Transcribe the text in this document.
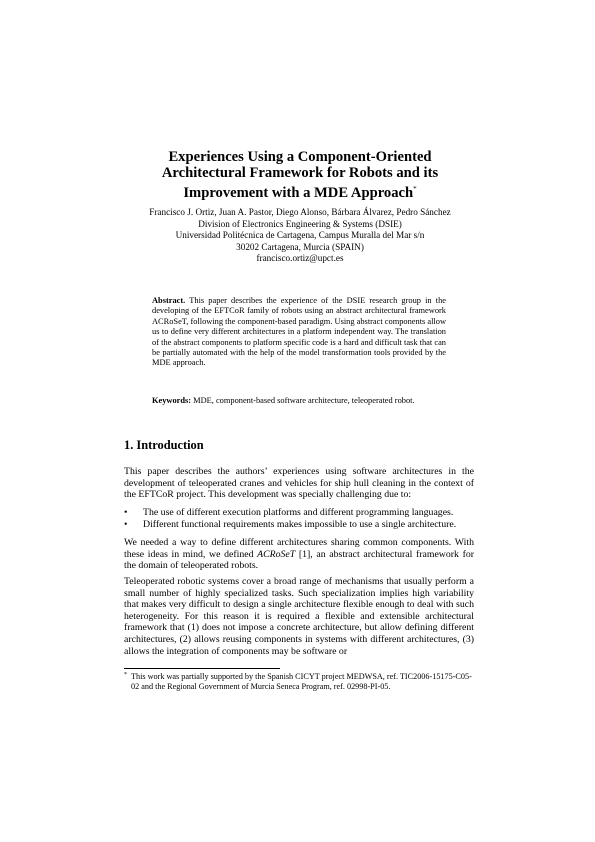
Experiences Using a Component-Oriented
Architectural Framework for Robots and its
Improvement with a MDE Approach*
Francisco J. Ortiz, Juan A. Pastor, Diego Alonso, Bárbara Álvarez, Pedro Sánchez
Division of Electronics Engineering & Systems (DSIE)
Universidad Politécnica de Cartagena, Campus Muralla del Mar s/n
30202 Cartagena, Murcia (SPAIN)
francisco.ortiz@upct.es
Abstract. This paper describes the experience of the DSIE research group in the developing of the EFTCoR family of robots using an abstract architectural framework ACRoSeT, following the component-based paradigm. Using abstract components allow us to define very different architectures in a platform independent way. The translation of the abstract components to platform specific code is a hard and difficult task that can be partially automated with the help of the model transformation tools provided by the MDE approach.
Keywords: MDE, component-based software architecture, teleoperated robot.
1. Introduction
This paper describes the authors’ experiences using software architectures in the development of teleoperated cranes and vehicles for ship hull cleaning in the context of the EFTCoR project. This development was specially challenging due to:
•	The use of different execution platforms and different programming languages.
•	Different functional requirements makes impossible to use a single architecture.
We needed a way to define different architectures sharing common components. With these ideas in mind, we defined ACRoSeT [1], an abstract architectural framework for the domain of teleoperated robots.
Teleoperated robotic systems cover a broad range of mechanisms that usually perform a small number of highly specialized tasks. Such specialization implies high variability that makes very difficult to design a single architecture flexible enough to deal with such heterogeneity. For this reason it is required a flexible and extensible architectural framework that (1) does not impose a concrete architecture, but allow defining different architectures, (2) allows reusing components in systems with different architectures, (3) allows the integration of components may be software or
* This work was partially supported by the Spanish CICYT project MEDWSA, ref. TIC2006-15175-C05-02 and the Regional Government of Murcia Seneca Program, ref. 02998-PI-05.
